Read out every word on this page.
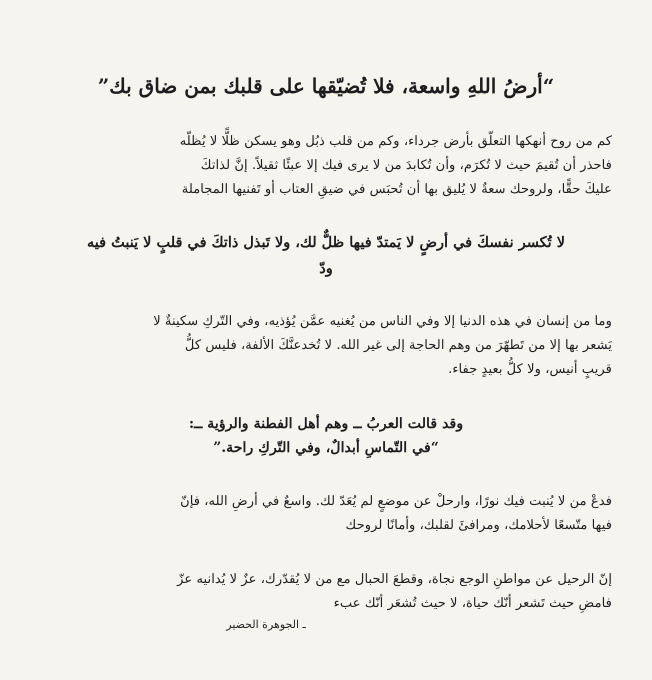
“أرضُ اللهِ واسعة، فلا تُضيّقها على قلبك بمن ضاق بك”

كم من روح أنهكها التعلّق بأرض جرداء، وكم من قلب ذبُل وهو يسكن ظلًّا لا يُظلّه
فاحذر أن تُقيمَ حيث لا تُكرَم، وأن تُكابدَ من لا يرى فيك إلا عبئًا ثقيلاً. إنَّ لذاتكَ
عليكَ حقًّا، ولروحك سعةٌ لا يُليق بها أن تُحبَس في ضيقِ العتاب أو تَفنيها المجاملة

لا تُكسر نفسكَ في أرضٍ لا يَمتدّ فيها ظلٌّ لك، ولا تَبذل ذاتكَ في قلبٍ لا يَنبتُ فيه
ودّ

وما من إنسان في هذه الدنيا إلا وفي الناس من يُغنيه عمَّن يُؤذيه، وفي التّركِ سكينةٌ لا
يَشعر بها إلا من تَطهّرَ من وهم الحاجة إلى غير الله. لا تُخدعنَّكَ الألفة، فليس كلُّ
قريبٍ أنيس، ولا كلُّ بعيدٍ جفاء.

وقد قالت العربُ ــ وهم أهل الفطنة والرؤية ــ:
“في التّماسِ أبدالٌ، وفي التّركِ راحة.”

فدعْ من لا يُنبت فيك نورًا، وارحلْ عن موضعٍ لم يُعَدّ لك. واسعٌ في أرضِ الله، فإنّ
فيها متّسعًا لأحلامك، ومرافئَ لقلبك، وأمانًا لروحك

إنّ الرحيل عن مواطنِ الوجع نجاة، وقطعَ الحبال مع من لا يُقدّرك، عزٌ لا يُدانيه عزّ
فامضِ حيث تَشعر أنّك حياة، لا حيث تُشعَر أنّك عبء
ـ الجوهرة الحضير
